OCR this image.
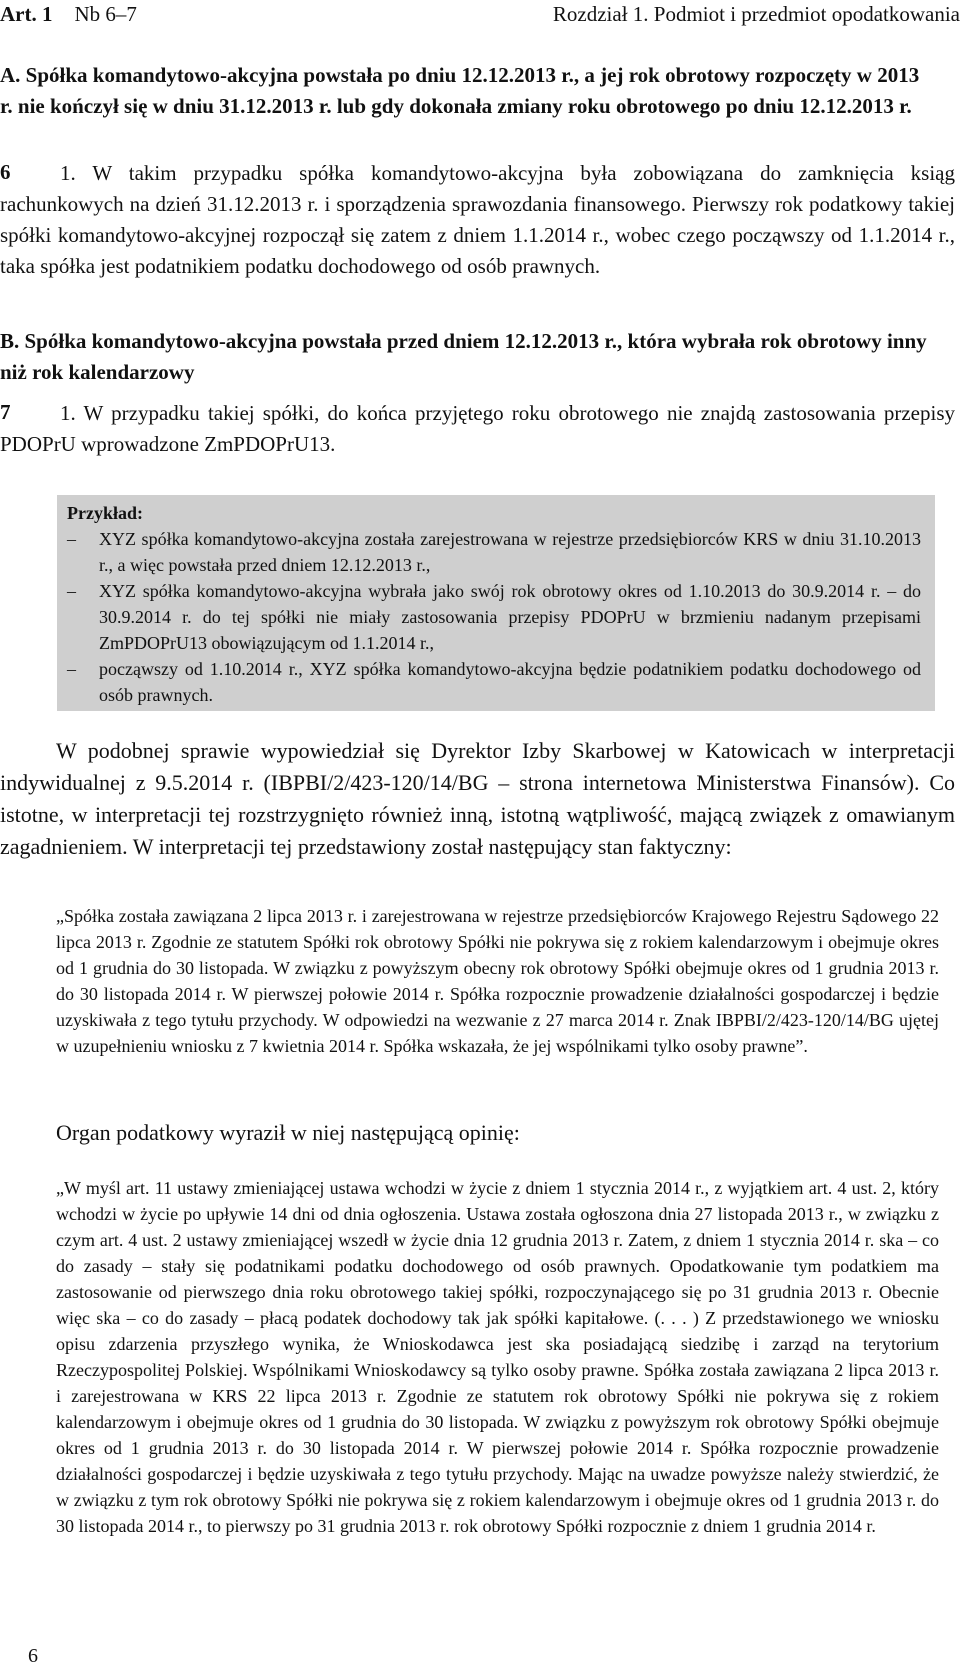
Art. 1 Nb 6–7	Rozdział 1. Podmiot i przedmiot opodatkowania
A. Spółka komandytowo-akcyjna powstała po dniu 12.12.2013 r., a jej rok obrotowy rozpoczęty w 2013 r. nie kończył się w dniu 31.12.2013 r. lub gdy dokonała zmiany roku obrotowego po dniu 12.12.2013 r.
6	1. W takim przypadku spółka komandytowo-akcyjna była zobowiązana do zamknięcia ksiąg rachunkowych na dzień 31.12.2013 r. i sporządzenia sprawozdania finansowego. Pierwszy rok podatkowy takiej spółki komandytowo-akcyjnej rozpoczął się zatem z dniem 1.1.2014 r., wobec czego począwszy od 1.1.2014 r., taka spółka jest podatnikiem podatku dochodowego od osób prawnych.
B. Spółka komandytowo-akcyjna powstała przed dniem 12.12.2013 r., która wybrała rok obrotowy inny niż rok kalendarzowy
7	1. W przypadku takiej spółki, do końca przyjętego roku obrotowego nie znajdą zastosowania przepisy PDOPrU wprowadzone ZmPDOPrU13.
Przykład:
–	XYZ spółka komandytowo-akcyjna została zarejestrowana w rejestrze przedsiębiorców KRS w dniu 31.10.2013 r., a więc powstała przed dniem 12.12.2013 r.,
–	XYZ spółka komandytowo-akcyjna wybrała jako swój rok obrotowy okres od 1.10.2013 do 30.9.2014 r. – do 30.9.2014 r. do tej spółki nie miały zastosowania przepisy PDOPrU w brzmieniu nadanym przepisami ZmPDOPrU13 obowiązującym od 1.1.2014 r.,
–	począwszy od 1.10.2014 r., XYZ spółka komandytowo-akcyjna będzie podatnikiem podatku dochodowego od osób prawnych.
W podobnej sprawie wypowiedział się Dyrektor Izby Skarbowej w Katowicach w interpretacji indywidualnej z 9.5.2014 r. (IBPBI/2/423-120/14/BG – strona internetowa Ministerstwa Finansów). Co istotne, w interpretacji tej rozstrzygnięto również inną, istotną wątpliwość, mającą związek z omawianym zagadnieniem. W interpretacji tej przedstawiony został następujący stan faktyczny:
„Spółka została zawiązana 2 lipca 2013 r. i zarejestrowana w rejestrze przedsiębiorców Krajowego Rejestru Sądowego 22 lipca 2013 r. Zgodnie ze statutem Spółki rok obrotowy Spółki nie pokrywa się z rokiem kalendarzowym i obejmuje okres od 1 grudnia do 30 listopada. W związku z powyższym obecny rok obrotowy Spółki obejmuje okres od 1 grudnia 2013 r. do 30 listopada 2014 r. W pierwszej połowie 2014 r. Spółka rozpocznie prowadzenie działalności gospodarczej i będzie uzyskiwała z tego tytułu przychody. W odpowiedzi na wezwanie z 27 marca 2014 r. Znak IBPBI/2/423-120/14/BG ujętej w uzupełnieniu wniosku z 7 kwietnia 2014 r. Spółka wskazała, że jej wspólnikami tylko osoby prawne”.
Organ podatkowy wyraził w niej następującą opinię:
„W myśl art. 11 ustawy zmieniającej ustawa wchodzi w życie z dniem 1 stycznia 2014 r., z wyjątkiem art. 4 ust. 2, który wchodzi w życie po upływie 14 dni od dnia ogłoszenia. Ustawa została ogłoszona dnia 27 listopada 2013 r., w związku z czym art. 4 ust. 2 ustawy zmieniającej wszedł w życie dnia 12 grudnia 2013 r. Zatem, z dniem 1 stycznia 2014 r. ska – co do zasady – stały się podatnikami podatku dochodowego od osób prawnych. Opodatkowanie tym podatkiem ma zastosowanie od pierwszego dnia roku obrotowego takiej spółki, rozpoczynającego się po 31 grudnia 2013 r. Obecnie więc ska – co do zasady – płacą podatek dochodowy tak jak spółki kapitałowe. (. . . ) Z przedstawionego we wniosku opisu zdarzenia przyszłego wynika, że Wnioskodawca jest ska posiadającą siedzibę i zarząd na terytorium Rzeczypospolitej Polskiej. Wspólnikami Wnioskodawcy są tylko osoby prawne. Spółka została zawiązana 2 lipca 2013 r. i zarejestrowana w KRS 22 lipca 2013 r. Zgodnie ze statutem rok obrotowy Spółki nie pokrywa się z rokiem kalendarzowym i obejmuje okres od 1 grudnia do 30 listopada. W związku z powyższym rok obrotowy Spółki obejmuje okres od 1 grudnia 2013 r. do 30 listopada 2014 r. W pierwszej połowie 2014 r. Spółka rozpocznie prowadzenie działalności gospodarczej i będzie uzyskiwała z tego tytułu przychody. Mając na uwadze powyższe należy stwierdzić, że w związku z tym rok obrotowy Spółki nie pokrywa się z rokiem kalendarzowym i obejmuje okres od 1 grudnia 2013 r. do 30 listopada 2014 r., to pierwszy po 31 grudnia 2013 r. rok obrotowy Spółki rozpocznie z dniem 1 grudnia 2014 r.
6
